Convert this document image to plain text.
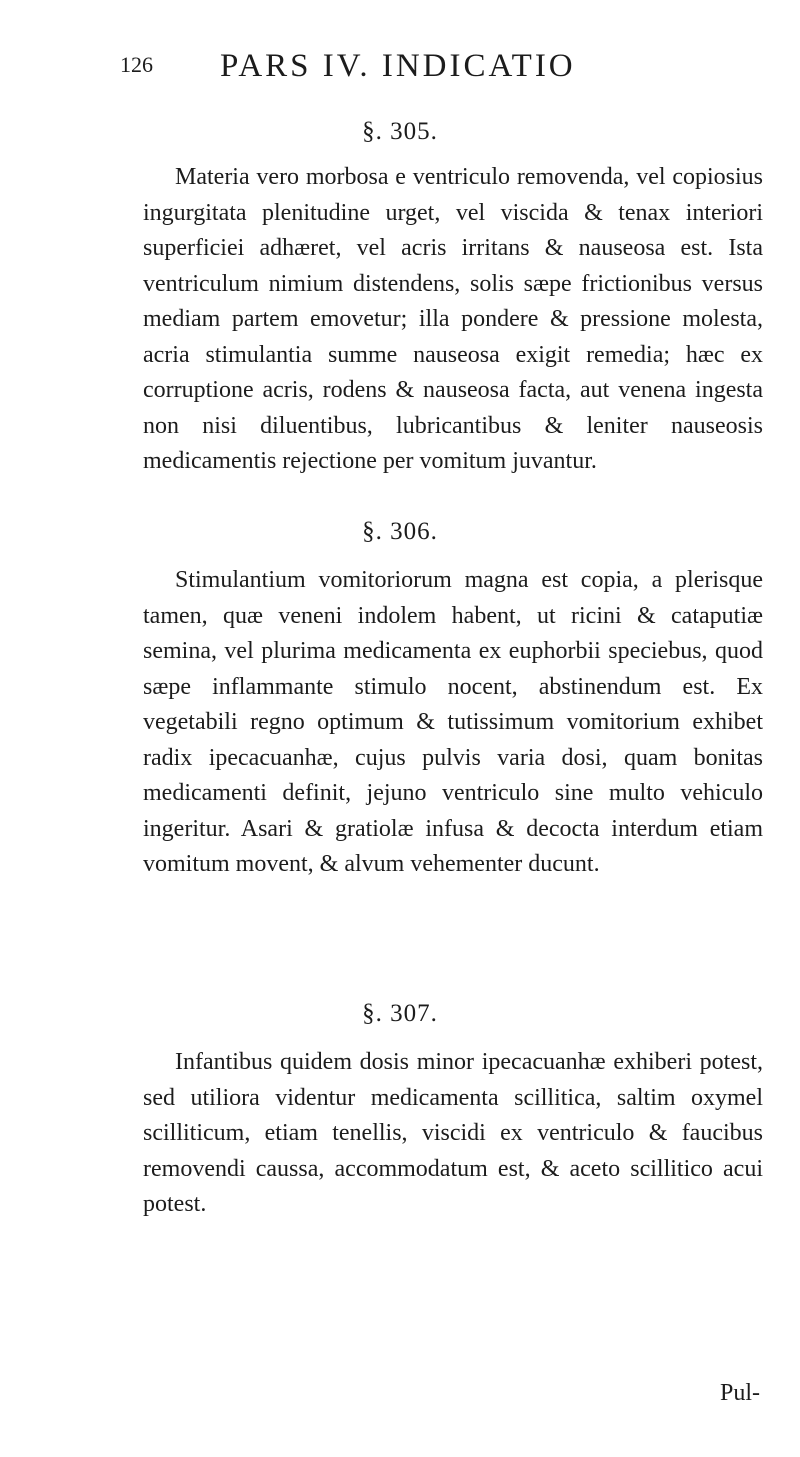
126 PARS IV. INDICATIO
§. 305.

Materia vero morbosa e ventriculo removenda, vel copiosius ingurgitata plenitudine urget, vel viscida & tenax interiori superficiei adhæret, vel acris irritans & nauseosa est. Ista ventriculum nimium distendens, solis sæpe frictionibus versus mediam partem emovetur; illa pondere & pressione molesta, acria stimulantia summe nauseosa exigit remedia; hæc ex corruptione acris, rodens & nauseosa facta, aut venena ingesta non nisi diluentibus, lubricantibus & leniter nauseosis medicamentis rejectione per vomitum juvantur.

§. 306.

Stimulantium vomitoriorum magna est copia, a plerisque tamen, quæ veneni indolem habent, ut ricini & cataputiæ semina, vel plurima medicamenta ex euphorbii speciebus, quod sæpe inflammante stimulo nocent, abstinendum est. Ex vegetabili regno optimum & tutissimum vomitorium exhibet radix ipecacuanhæ, cujus pulvis varia dosi, quam bonitas medicamenti definit, jejuno ventriculo sine multo vehiculo ingeritur. Asari & gratiolæ infusa & decocta interdum etiam vomitum movent, & alvum vehementer ducunt.

§. 307.

Infantibus quidem dosis minor ipecacuanhæ exhiberi potest, sed utiliora videntur medicamenta scillitica, saltim oxymel scilliticum, etiam tenellis, viscidi ex ventriculo & faucibus removendi caussa, accommodatum est, & aceto scillitico acui potest.

Pul-
